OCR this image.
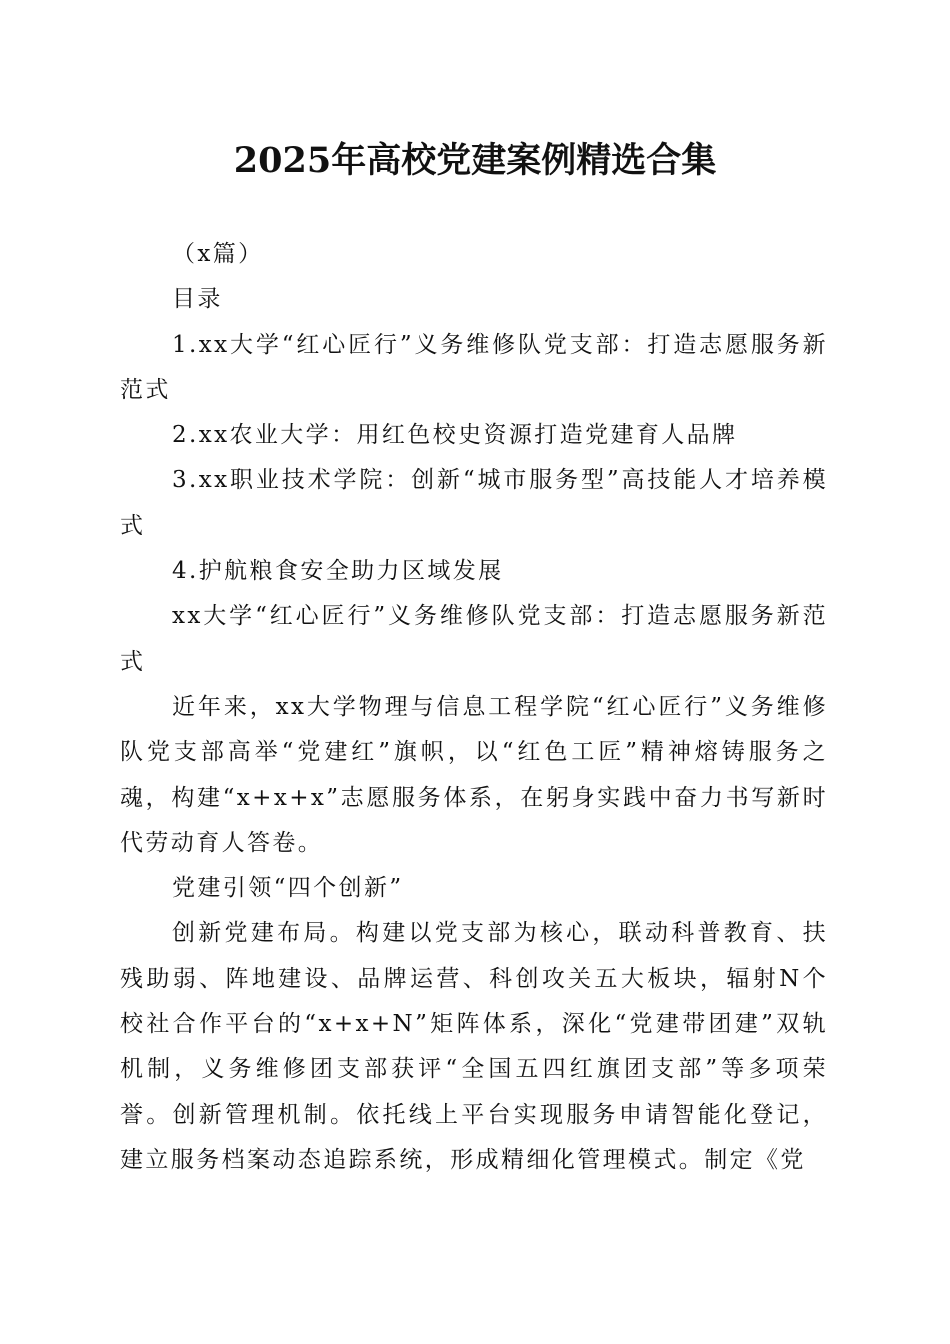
2025年高校党建案例精选合集

（x篇）

目录

1.xx大学“红心匠行”义务维修队党支部：打造志愿服务新范式

2.xx农业大学：用红色校史资源打造党建育人品牌

3.xx职业技术学院：创新“城市服务型”高技能人才培养模式

4.护航粮食安全助力区域发展

xx大学“红心匠行”义务维修队党支部：打造志愿服务新范式

近年来，xx大学物理与信息工程学院“红心匠行”义务维修队党支部高举“党建红”旗帜，以“红色工匠”精神熔铸服务之魂，构建“x+x+x”志愿服务体系，在躬身实践中奋力书写新时代劳动育人答卷。

党建引领“四个创新”

创新党建布局。构建以党支部为核心，联动科普教育、扶残助弱、阵地建设、品牌运营、科创攻关五大板块，辐射N个校社合作平台的“x+x+N”矩阵体系，深化“党建带团建”双轨机制，义务维修团支部获评“全国五四红旗团支部”等多项荣誉。创新管理机制。依托线上平台实现服务申请智能化登记，建立服务档案动态追踪系统，形成精细化管理模式。制定《党
